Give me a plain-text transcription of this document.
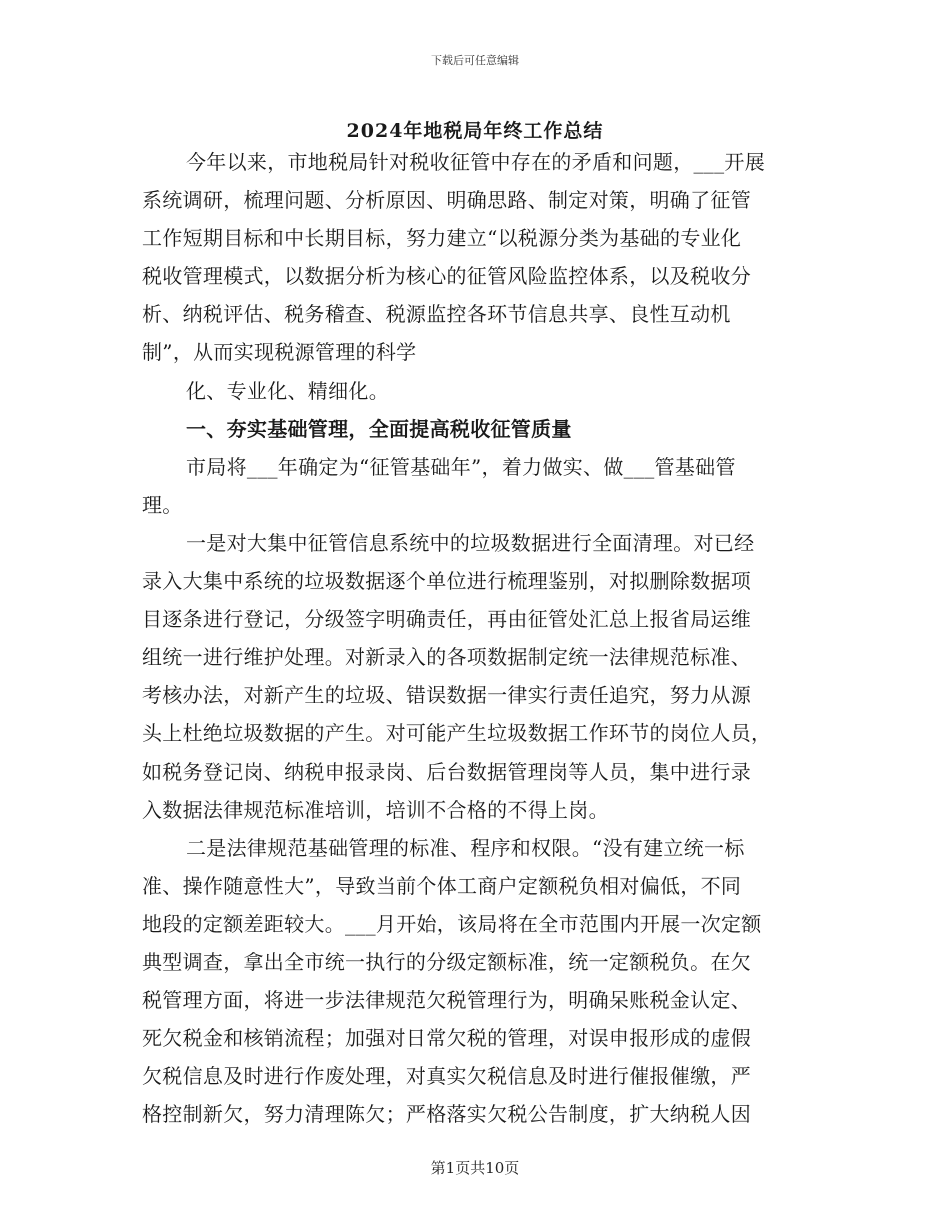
下载后可任意编辑
2024年地税局年终工作总结
今年以来，市地税局针对税收征管中存在的矛盾和问题，___开展
系统调研，梳理问题、分析原因、明确思路、制定对策，明确了征管
工作短期目标和中长期目标，努力建立“以税源分类为基础的专业化
税收管理模式，以数据分析为核心的征管风险监控体系，以及税收分
析、纳税评估、税务稽查、税源监控各环节信息共享、良性互动机
制”，从而实现税源管理的科学
化、专业化、精细化。
一、夯实基础管理，全面提高税收征管质量
市局将___年确定为“征管基础年”，着力做实、做___管基础管
理。
一是对大集中征管信息系统中的垃圾数据进行全面清理。对已经
录入大集中系统的垃圾数据逐个单位进行梳理鉴别，对拟删除数据项
目逐条进行登记，分级签字明确责任，再由征管处汇总上报省局运维
组统一进行维护处理。对新录入的各项数据制定统一法律规范标准、
考核办法，对新产生的垃圾、错误数据一律实行责任追究，努力从源
头上杜绝垃圾数据的产生。对可能产生垃圾数据工作环节的岗位人员，
如税务登记岗、纳税申报录岗、后台数据管理岗等人员，集中进行录
入数据法律规范标准培训，培训不合格的不得上岗。
二是法律规范基础管理的标准、程序和权限。“没有建立统一标
准、操作随意性大”，导致当前个体工商户定额税负相对偏低，不同
地段的定额差距较大。___月开始，该局将在全市范围内开展一次定额
典型调查，拿出全市统一执行的分级定额标准，统一定额税负。在欠
税管理方面，将进一步法律规范欠税管理行为，明确呆账税金认定、
死欠税金和核销流程；加强对日常欠税的管理，对误申报形成的虚假
欠税信息及时进行作废处理，对真实欠税信息及时进行催报催缴，严
格控制新欠，努力清理陈欠；严格落实欠税公告制度，扩大纳税人因
第1页共10页
